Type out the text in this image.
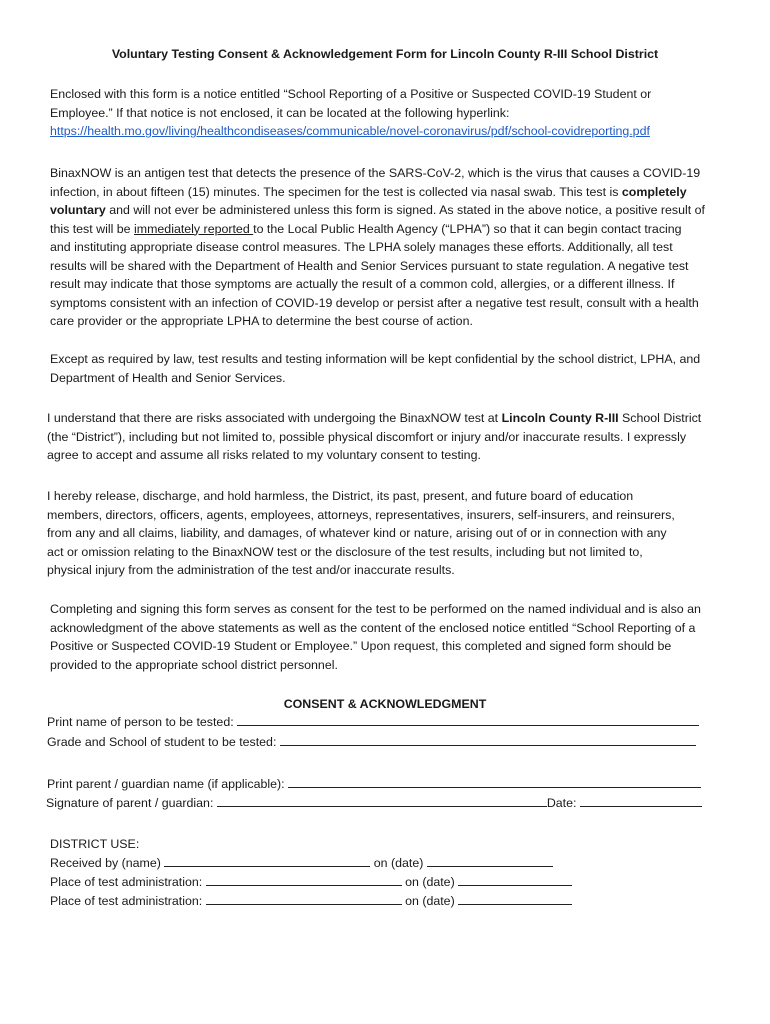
Voluntary Testing Consent & Acknowledgement Form for Lincoln County R-III School District
Enclosed with this form is a notice entitled “School Reporting of a Positive or Suspected COVID-19 Student or
Employee.” If that notice is not enclosed, it can be located at the following hyperlink:
https://health.mo.gov/living/healthcondiseases/communicable/novel-coronavirus/pdf/school-covidreporting.pdf
BinaxNOW is an antigen test that detects the presence of the SARS-CoV-2, which is the virus that causes a COVID-19
infection, in about fifteen (15) minutes. The specimen for the test is collected via nasal swab. This test is completely
voluntary and will not ever be administered unless this form is signed. As stated in the above notice, a positive result of
this test will be immediately reported to the Local Public Health Agency (“LPHA”) so that it can begin contact tracing
and instituting appropriate disease control measures. The LPHA solely manages these efforts. Additionally, all test
results will be shared with the Department of Health and Senior Services pursuant to state regulation. A negative test
result may indicate that those symptoms are actually the result of a common cold, allergies, or a different illness. If
symptoms consistent with an infection of COVID-19 develop or persist after a negative test result, consult with a health
care provider or the appropriate LPHA to determine the best course of action.
Except as required by law, test results and testing information will be kept confidential by the school district, LPHA, and
Department of Health and Senior Services.
I understand that there are risks associated with undergoing the BinaxNOW test at Lincoln County R-III School District
(the “District”), including but not limited to, possible physical discomfort or injury and/or inaccurate results. I expressly
agree to accept and assume all risks related to my voluntary consent to testing.
I hereby release, discharge, and hold harmless, the District, its past, present, and future board of education
members, directors, officers, agents, employees, attorneys, representatives, insurers, self-insurers, and reinsurers,
from any and all claims, liability, and damages, of whatever kind or nature, arising out of or in connection with any
act or omission relating to the BinaxNOW test or the disclosure of the test results, including but not limited to,
physical injury from the administration of the test and/or inaccurate results.
Completing and signing this form serves as consent for the test to be performed on the named individual and is also an
acknowledgment of the above statements as well as the content of the enclosed notice entitled “School Reporting of a
Positive or Suspected COVID-19 Student or Employee.” Upon request, this completed and signed form should be
provided to the appropriate school district personnel.
CONSENT & ACKNOWLEDGMENT
Print name of person to be tested:
Grade and School of student to be tested:
Print parent / guardian name (if applicable):
Signature of parent / guardian:	Date:
DISTRICT USE:
Received by (name)	on (date)
Place of test administration:	on (date)
Place of test administration:	on (date)
